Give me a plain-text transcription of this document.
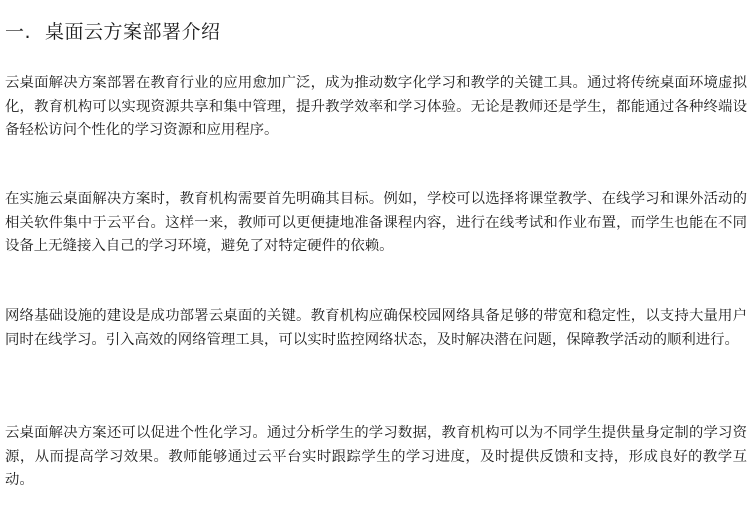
一. 桌面云方案部署介绍

云桌面解决方案部署在教育行业的应用愈加广泛，成为推动数字化学习和教学的关键工具。通过将传统桌面环境虚拟化，教育机构可以实现资源共享和集中管理，提升教学效率和学习体验。无论是教师还是学生，都能通过各种终端设备轻松访问个性化的学习资源和应用程序。

在实施云桌面解决方案时，教育机构需要首先明确其目标。例如，学校可以选择将课堂教学、在线学习和课外活动的相关软件集中于云平台。这样一来，教师可以更便捷地准备课程内容，进行在线考试和作业布置，而学生也能在不同设备上无缝接入自己的学习环境，避免了对特定硬件的依赖。

网络基础设施的建设是成功部署云桌面的关键。教育机构应确保校园网络具备足够的带宽和稳定性，以支持大量用户同时在线学习。引入高效的网络管理工具，可以实时监控网络状态，及时解决潜在问题，保障教学活动的顺利进行。

云桌面解决方案还可以促进个性化学习。通过分析学生的学习数据，教育机构可以为不同学生提供量身定制的学习资源，从而提高学习效果。教师能够通过云平台实时跟踪学生的学习进度，及时提供反馈和支持，形成良好的教学互动。
